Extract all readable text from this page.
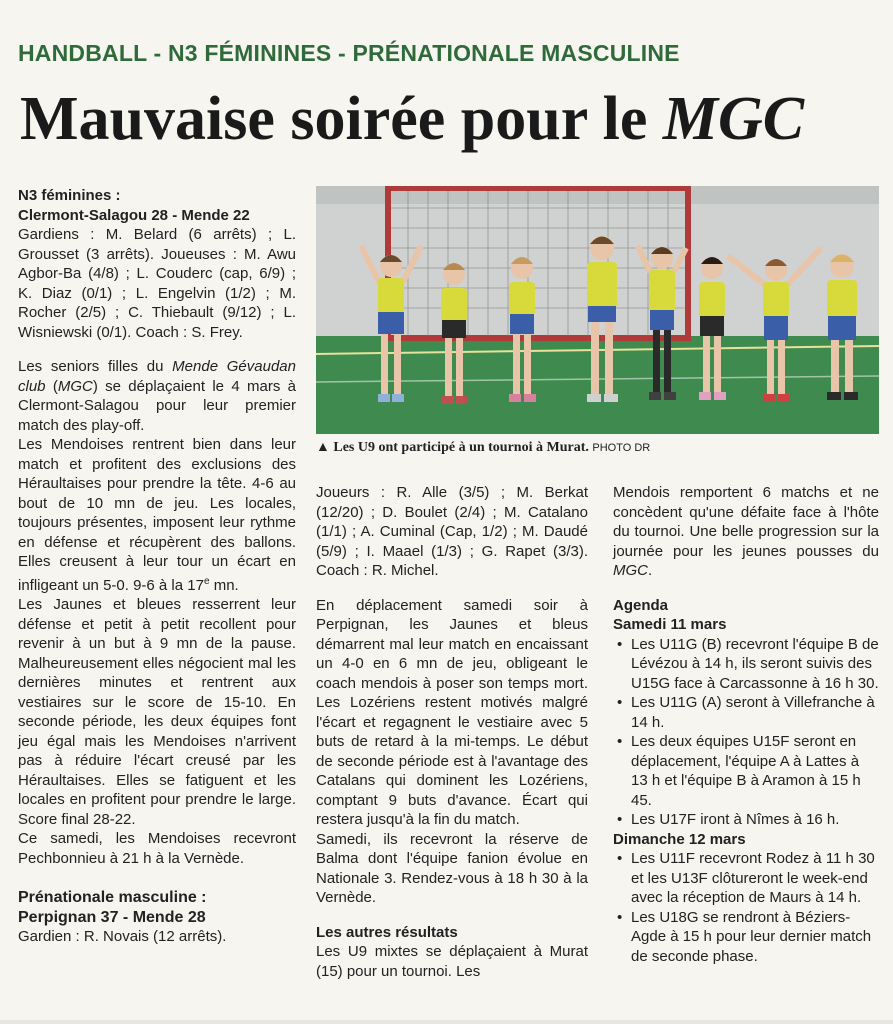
HANDBALL - N3 FÉMININES - PRÉNATIONALE MASCULINE
Mauvaise soirée pour le MGC

N3 féminines :

Clermont-Salagou 28 - Mende 22

Gardiens : M. Belard (6 arrêts) ; L. Grousset (3 arrêts). Joueuses : M. Awu Agbor-Ba (4/8) ; L. Couderc (cap, 6/9) ; K. Diaz (0/1) ; L. Engelvin (1/2) ; M. Rocher (2/5) ; C. Thiebault (9/12) ; L. Wisniewski (0/1). Coach : S. Frey.

Les seniors filles du Mende Gévaudan club (MGC) se déplaçaient le 4 mars à Clermont-Salagou pour leur premier match des play-off.

Les Mendoises rentrent bien dans leur match et profitent des exclusions des Héraultaises pour prendre la tête. 4-6 au bout de 10 mn de jeu. Les locales, toujours présentes, imposent leur rythme en défense et récupèrent des ballons. Elles creusent à leur tour un écart en infligeant un 5-0. 9-6 à la 17e mn.

Les Jaunes et bleues resserrent leur défense et petit à petit recollent pour revenir à un but à 9 mn de la pause. Malheureusement elles négocient mal les dernières minutes et rentrent aux vestiaires sur le score de 15-10. En seconde période, les deux équipes font jeu égal mais les Mendoises n'arrivent pas à réduire l'écart creusé par les Héraultaises. Elles se fatiguent et les locales en profitent pour prendre le large. Score final 28-22.

Ce samedi, les Mendoises recevront Pechbonnieu à 21 h à la Vernède.

Prénationale masculine :

Perpignan 37 - Mende 28

Gardien : R. Novais (12 arrêts).

▲ Les U9 ont participé à un tournoi à Murat. PHOTO DR

Joueurs : R. Alle (3/5) ; M. Berkat (12/20) ; D. Boulet (2/4) ; M. Catalano (1/1) ; A. Cuminal (Cap, 1/2) ; M. Daudé (5/9) ; I. Maael (1/3) ; G. Rapet (3/3). Coach : R. Michel.

En déplacement samedi soir à Perpignan, les Jaunes et bleus démarrent mal leur match en encaissant un 4-0 en 6 mn de jeu, obligeant le coach mendois à poser son temps mort. Les Lozériens restent motivés malgré l'écart et regagnent le vestiaire avec 5 buts de retard à la mi-temps. Le début de seconde période est à l'avantage des Catalans qui dominent les Lozériens, comptant 9 buts d'avance. Écart qui restera jusqu'à la fin du match.

Samedi, ils recevront la réserve de Balma dont l'équipe fanion évolue en Nationale 3. Rendez-vous à 18 h 30 à la Vernède.

Les autres résultats

Les U9 mixtes se déplaçaient à Murat (15) pour un tournoi. Les

Mendois remportent 6 matchs et ne concèdent qu'une défaite face à l'hôte du tournoi. Une belle progression sur la journée pour les jeunes pousses du MGC.

Agenda

Samedi 11 mars

• Les U11G (B) recevront l'équipe B de Lévézou à 14 h, ils seront suivis des U15G face à Carcassonne à 16 h 30.
• Les U11G (A) seront à Villefranche à 14 h.
• Les deux équipes U15F seront en déplacement, l'équipe A à Lattes à 13 h et l'équipe B à Aramon à 15 h 45.
• Les U17F iront à Nîmes à 16 h.

Dimanche 12 mars

• Les U11F recevront Rodez à 11 h 30 et les U13F clôtureront le week-end avec la réception de Maurs à 14 h.
• Les U18G se rendront à Béziers-Agde à 15 h pour leur dernier match de seconde phase.
